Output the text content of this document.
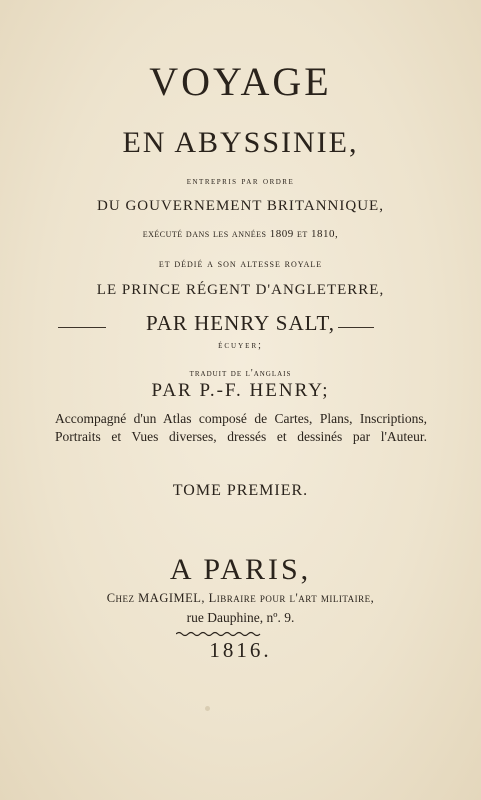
VOYAGE
EN ABYSSINIE,
entrepris par ordre
DU GOUVERNEMENT BRITANNIQUE,
exécuté dans les années 1809 et 1810,
et dédié a son altesse royale
LE PRINCE RÉGENT D'ANGLETERRE,
PAR HENRY SALT,
écuyer;
traduit de l'anglais
PAR P.-F. HENRY;
Accompagné d'un Atlas composé de Cartes, Plans, Inscriptions, Portraits et Vues diverses, dressés et dessinés par l'Auteur.
TOME PREMIER.
A PARIS,
Chez MAGIMEL, Libraire pour l'art militaire,
rue Dauphine, nº. 9.
1816.
